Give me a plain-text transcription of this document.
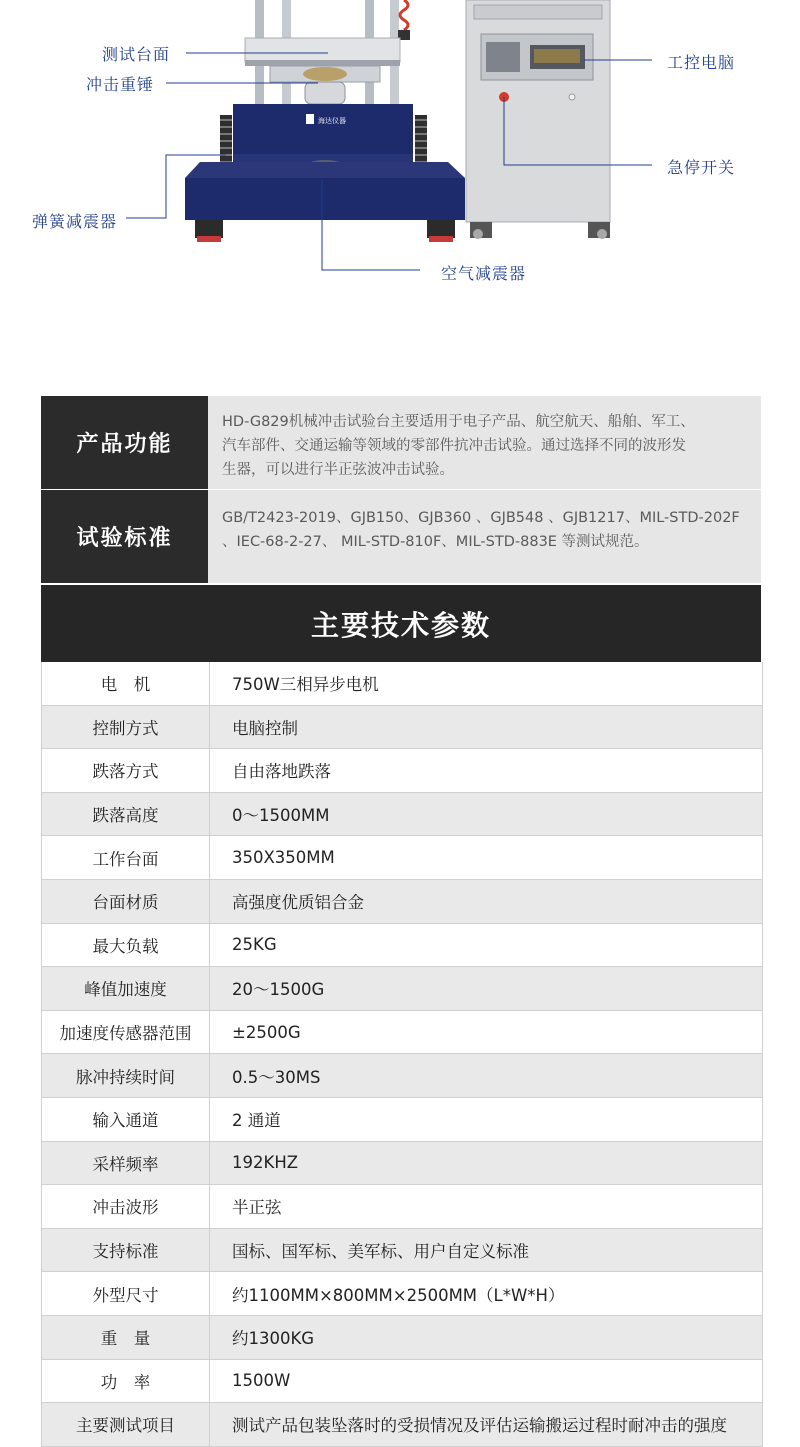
海达仪器
测试台面
冲击重锤
弹簧减震器
空气减震器
工控电脑
急停开关
产品功能
HD-G829机械冲击试验台主要适用于电子产品、航空航天、船舶、军工、
汽车部件、交通运输等领域的零部件抗冲击试验。通过选择不同的波形发
生器，可以进行半正弦波冲击试验。
试验标准
GB/T2423-2019、GJB150、GJB360 、GJB548 、GJB1217、MIL-STD-202F
、IEC-68-2-27、 MIL-STD-810F、MIL-STD-883E 等测试规范。
主要技术参数
电　机	750W三相异步电机
控制方式	电脑控制
跌落方式	自由落地跌落
跌落高度	0～1500MM
工作台面	350X350MM
台面材质	高强度优质铝合金
最大负载	25KG
峰值加速度	20～1500G
加速度传感器范围	±2500G
脉冲持续时间	0.5～30MS
输入通道	2 通道
采样频率	192KHZ
冲击波形	半正弦
支持标准	国标、国军标、美军标、用户自定义标准
外型尺寸	约1100MM×800MM×2500MM（L*W*H）
重　量	约1300KG
功　率	1500W
主要测试项目	测试产品包装坠落时的受损情况及评估运输搬运过程时耐冲击的强度
